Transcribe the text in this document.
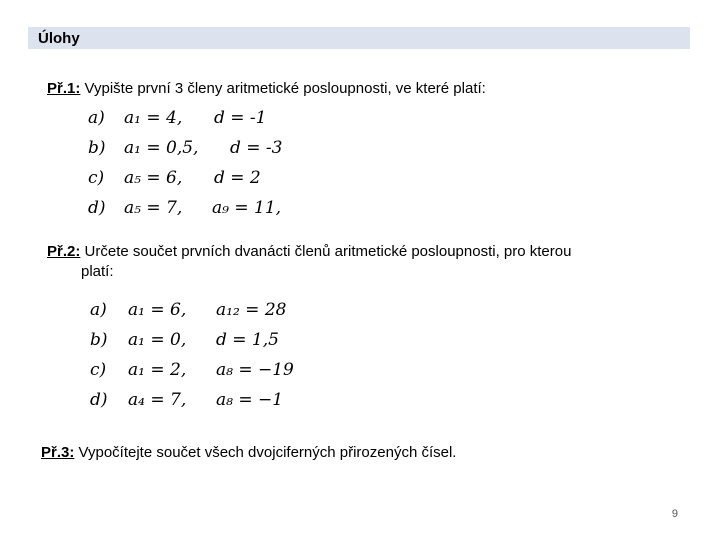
Úlohy
Př.1: Vypište první 3 členy aritmetické posloupnosti, ve které platí:
a) a₁ = 4, d = -1
b) a₁ = 0,5, d = -3
c) a₅ = 6, d = 2
d) a₅ = 7, a₉ = 11,
Př.2: Určete součet prvních dvanácti členů aritmetické posloupnosti, pro kterou
platí:
a) a₁ = 6, a₁₂ = 28
b) a₁ = 0, d = 1,5
c) a₁ = 2, a₈ = −19
d) a₄ = 7, a₈ = −1
Př.3: Vypočítejte součet všech dvojciferných přirozených čísel.
9
